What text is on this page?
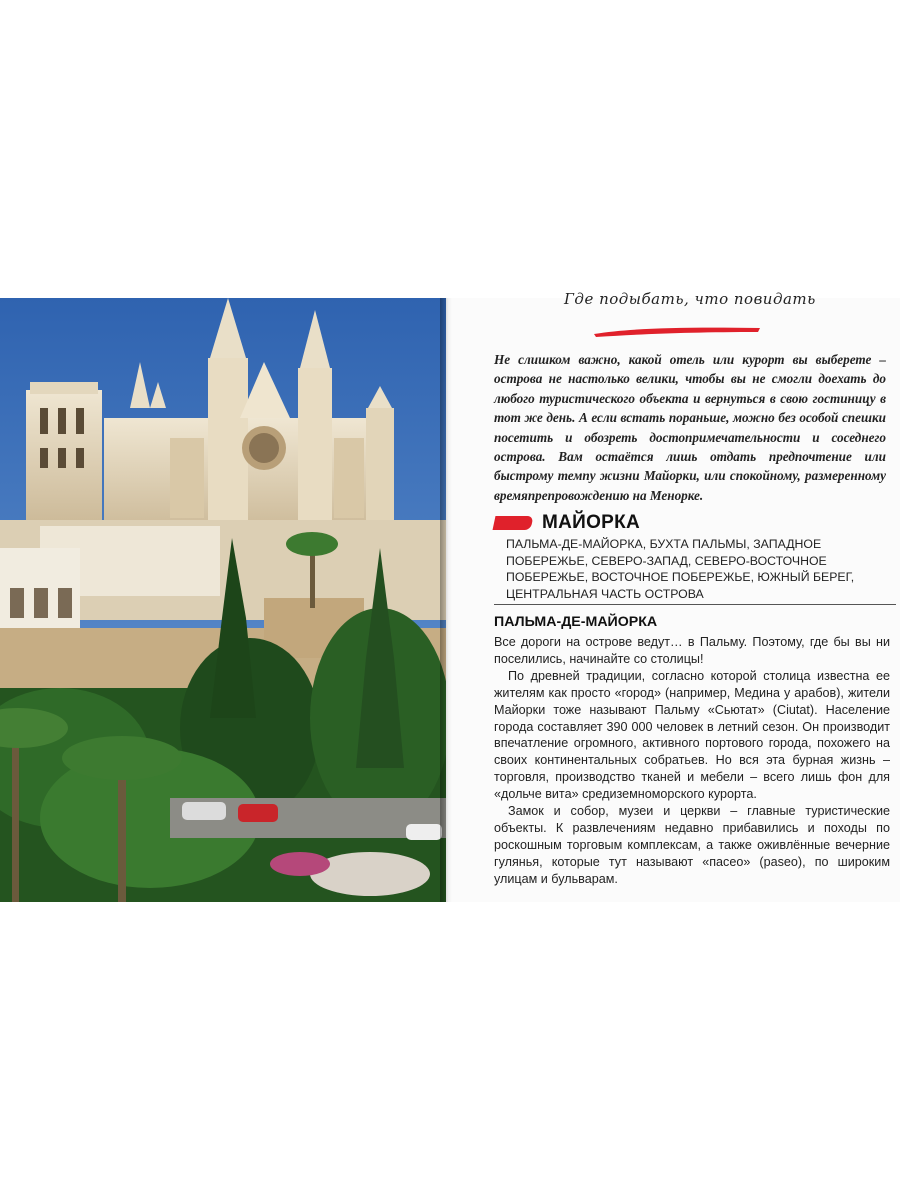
Где подыбать, что повидать
Не слишком важно, какой отель или курорт вы выберете – острова не настолько велики, чтобы вы не смогли доехать до любого туристического объекта и вернуться в свою гостиницу в тот же день. А если встать пораньше, можно без особой спешки посетить и обозреть достопримечательности и соседнего острова. Вам остаётся лишь отдать предпочтение или быстрому темпу жизни Майорки, или спокойному, размеренному времяпрепровождению на Менорке.
МАЙОРКА
ПАЛЬМА-ДЕ-МАЙОРКА, БУХТА ПАЛЬМЫ, ЗАПАДНОЕ ПОБЕРЕЖЬЕ, СЕВЕРО-ЗАПАД, СЕВЕРО-ВОСТОЧНОЕ ПОБЕРЕЖЬЕ, ВОСТОЧНОЕ ПОБЕРЕЖЬЕ, ЮЖНЫЙ БЕРЕГ, ЦЕНТРАЛЬНАЯ ЧАСТЬ ОСТРОВА
ПАЛЬМА-ДЕ-МАЙОРКА

Все дороги на острове ведут… в Пальму. Поэтому, где бы вы ни поселились, начинайте со столицы!

По древней традиции, согласно которой столица известна ее жителям как просто «город» (например, Медина у арабов), жители Майорки тоже называют Пальму «Сьютат» (Ciutat). Население города составляет 390 000 человек в летний сезон. Он производит впечатление огромного, активного портового города, похожего на своих континентальных собратьев. Но вся эта бурная жизнь – торговля, производство тканей и мебели – всего лишь фон для «дольче вита» средиземноморского курорта.

Замок и собор, музеи и церкви – главные туристические объекты. К развлечениям недавно прибавились и походы по роскошным торговым комплексам, а также оживлённые вечерние гулянья, которые тут называют «пасео» (paseo), по широким улицам и бульварам.
